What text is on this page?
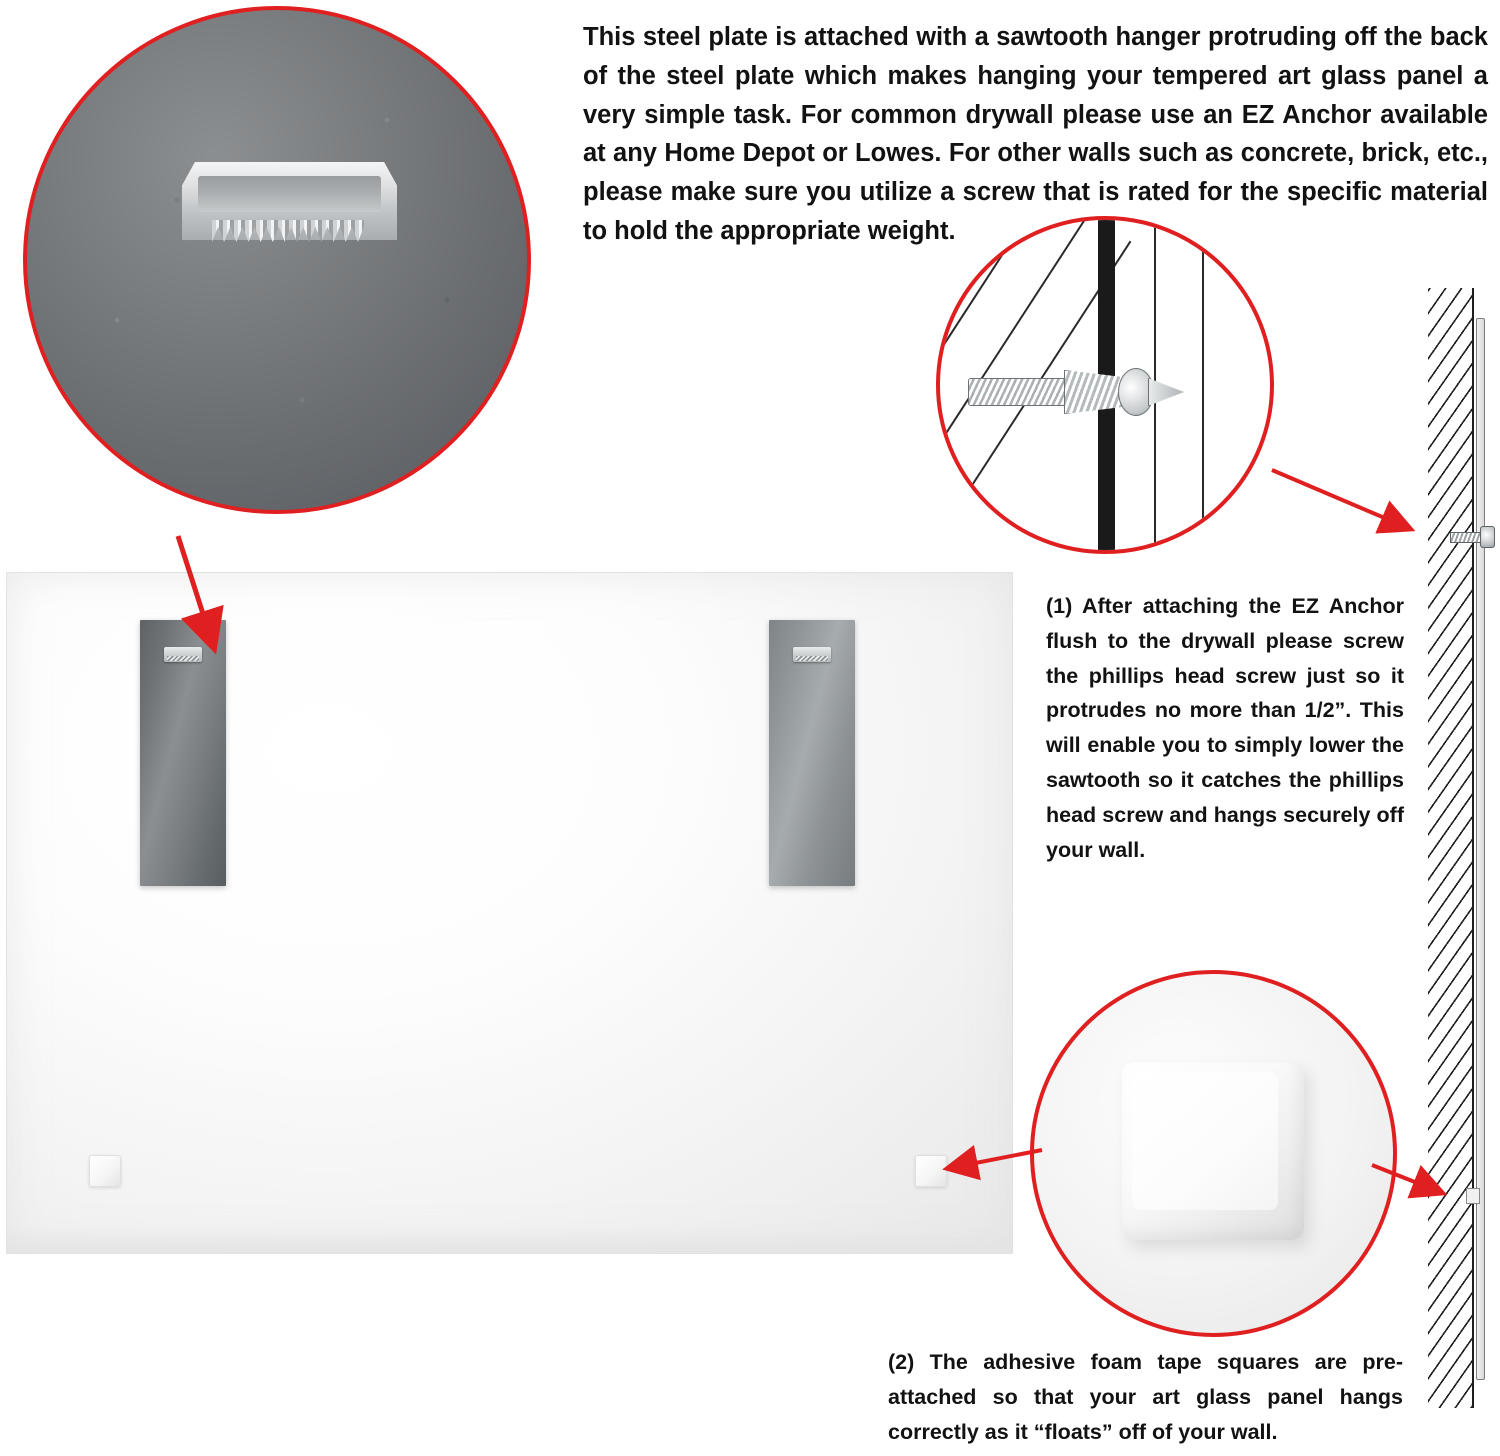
This steel plate is attached with a sawtooth hanger protruding off the back of the steel plate which makes hanging your tempered art glass panel a very simple task. For common drywall please use an EZ Anchor available at any Home Depot or Lowes. For other walls such as concrete, brick, etc., please make sure you utilize a screw that is rated for the specific material to hold the appropriate weight.
(1) After attaching the EZ Anchor flush to the drywall please screw the phillips head screw just so it protrudes no more than 1/2”. This will enable you to simply lower the sawtooth so it catches the phillips head screw and hangs securely off your wall.
(2) The adhesive foam tape squares are pre-attached so that your art glass panel hangs correctly as it “floats” off of your wall.
